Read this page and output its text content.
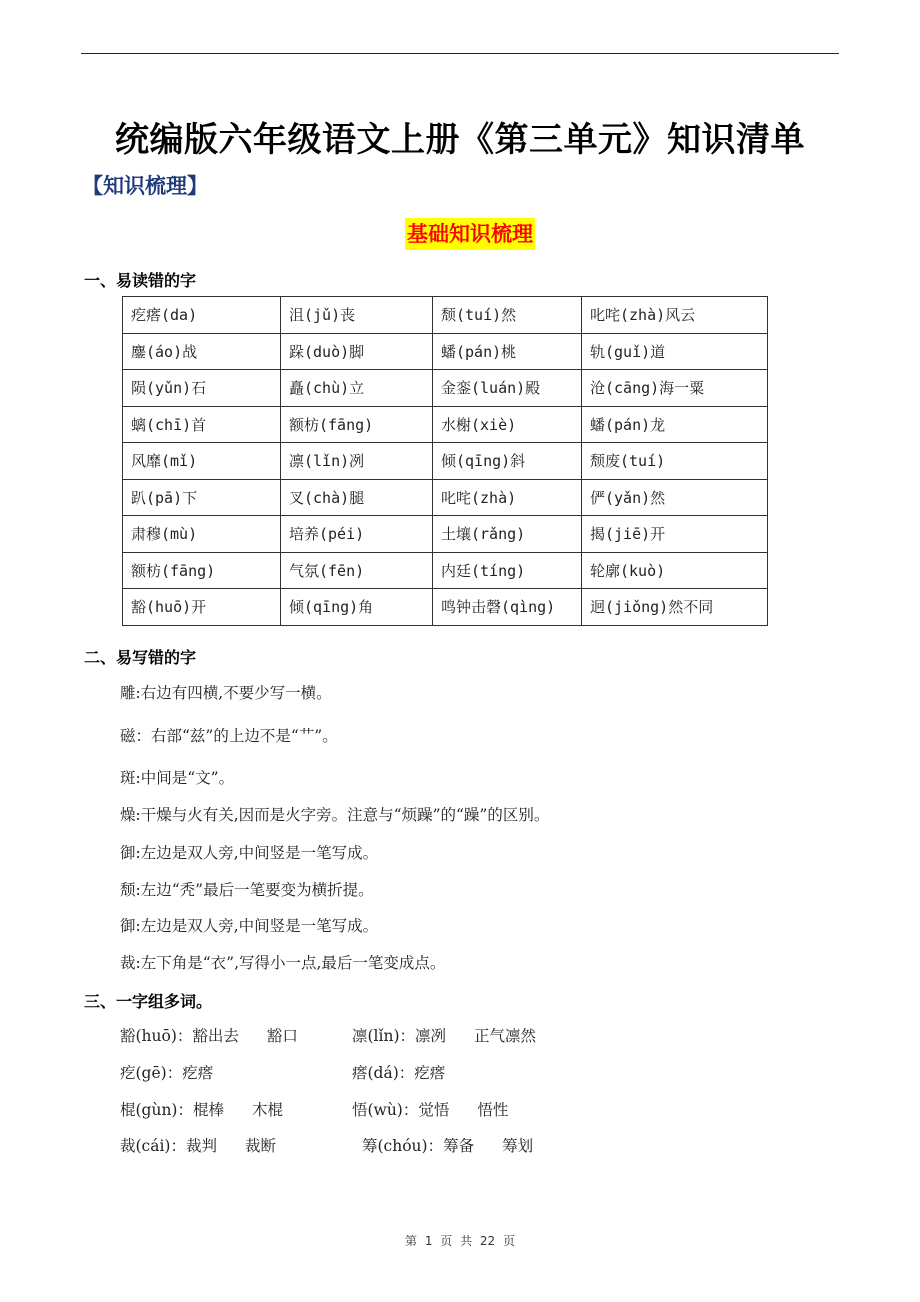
统编版六年级语文上册《第三单元》知识清单
【知识梳理】
基础知识梳理
一、易读错的字
疙瘩(da)	沮(jǔ)丧	颓(tuí)然	叱咤(zhà)风云
鏖(áo)战	跺(duò)脚	蟠(pán)桃	轨(guǐ)道
陨(yǔn)石	矗(chù)立	金銮(luán)殿	沧(cāng)海一粟
螭(chī)首	额枋(fāng)	水榭(xiè)	蟠(pán)龙
风靡(mǐ)	凛(lǐn)冽	倾(qīng)斜	颓废(tuí)
趴(pā)下	叉(chà)腿	叱咤(zhà)	俨(yǎn)然
肃穆(mù)	培养(péi)	土壤(rǎng)	揭(jiē)开
额枋(fāng)	气氛(fēn)	内廷(tíng)	轮廓(kuò)
豁(huō)开	倾(qīng)角	鸣钟击磬(qìng)	迥(jiǒng)然不同
二、易写错的字
雕:右边有四横,不要少写一横。
磁：右部“兹”的上边不是“艹”。
斑:中间是“文”。
燥:干燥与火有关,因而是火字旁。注意与“烦躁”的“躁”的区别。
御:左边是双人旁,中间竖是一笔写成。
颓:左边“秃”最后一笔要变为横折提。
御:左边是双人旁,中间竖是一笔写成。
裁:左下角是“衣”,写得小一点,最后一笔变成点。
三、一字组多词。
豁(huō)：豁出去 豁口	凛(lǐn)：凛冽 正气凛然
疙(gē)：疙瘩	瘩(dá)：疙瘩
棍(gùn)：棍棒 木棍	悟(wù)：觉悟 悟性
裁(cái)：裁判 裁断	筹(chóu)：筹备 筹划
第 1 页 共 22 页
